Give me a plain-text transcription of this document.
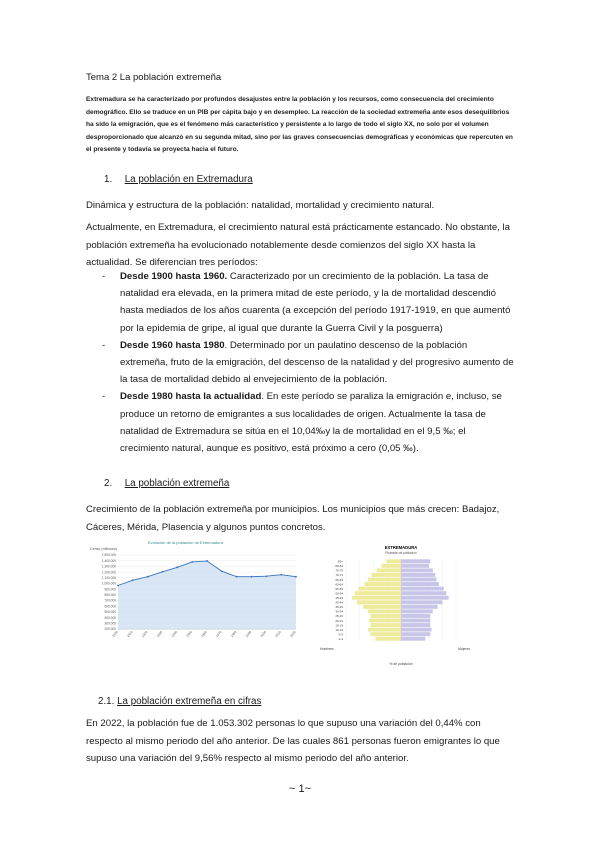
Tema 2 La población extremeña
Extremadura se ha caracterizado por profundos desajustes entre la población y los recursos, como consecuencia del crecimiento demográfico. Ello se traduce en un PIB per cápita bajo y en desempleo. La reacción de la sociedad extremeña ante esos desequilibrios ha sido la emigración, que es el fenómeno más característico y persistente a lo largo de todo el siglo XX, no solo por el volumen desproporcionado que alcanzó en su segunda mitad, sino por las graves consecuencias demográficas y económicas que repercuten en el presente y todavía se proyecta hacia el futuro.
1. La población en Extremadura
Dinámica y estructura de la población: natalidad, mortalidad y crecimiento natural.
Actualmente, en Extremadura, el crecimiento natural está prácticamente estancado. No obstante, la población extremeña ha evolucionado notablemente desde comienzos del siglo XX hasta la actualidad. Se diferencian tres períodos:
- Desde 1900 hasta 1960. Caracterizado por un crecimiento de la población. La tasa de natalidad era elevada, en la primera mitad de este período, y la de mortalidad descendió hasta mediados de los años cuarenta (a excepción del período 1917-1919, en que aumentó por la epidemia de gripe, al igual que durante la Guerra Civil y la posguerra)
- Desde 1960 hasta 1980. Determinado por un paulatino descenso de la población extremeña, fruto de la emigración, del descenso de la natalidad y del progresivo aumento de la tasa de mortalidad debido al envejecimiento de la población.
- Desde 1980 hasta la actualidad. En este período se paraliza la emigración e, incluso, se produce un retorno de emigrantes a sus localidades de origen. Actualmente la tasa de natalidad de Extremadura se sitúa en el 10,04‰y la de mortalidad en el 9,5 ‰; el crecimiento natural, aunque es positivo, está próximo a cero (0,05 ‰).
2. La población extremeña
Crecimiento de la población extremeña por municipios. Los municipios que más crecen: Badajoz, Cáceres, Mérida, Plasencia y algunos puntos concretos.
Evolución de la población de Extremadura
Censo (millones)
1.500.000
1.400.000
1.300.000
1.200.000
1.100.000
1.000.000
900.000
800.000
700.000
600.000
500.000
400.000
300.000
200.000
1900 1910 1920 1930 1940 1950 1960 1970 1980 1990 2000 2010 2020
EXTREMADURA
Pirámide de población
85+
80-84
75-79
70-74
65-69
60-64
55-59
50-54
45-49
40-44
35-39
30-34
25-29
20-24
15-19
10-14
5-9
0-4
Hombres	Mujeres
% de población
2.1. La población extremeña en cifras
En 2022, la población fue de 1.053.302 personas lo que supuso una variación del 0,44% con respecto al mismo periodo del año anterior. De las cuales 861 personas fueron emigrantes lo que supuso una variación del 9,56% respecto al mismo periodo del año anterior.
~ 1~
